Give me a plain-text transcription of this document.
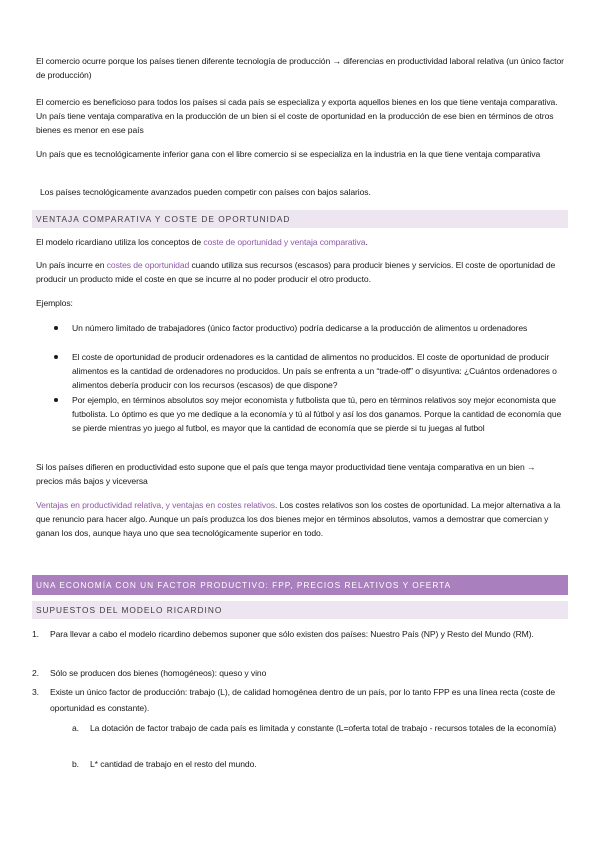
El comercio ocurre porque los países tienen diferente tecnología de producción → diferencias en productividad laboral relativa (un único factor de producción)

El comercio es beneficioso para todos los países si cada país se especializa y exporta aquellos bienes en los que tiene ventaja comparativa. Un país tiene ventaja comparativa en la producción de un bien si el coste de oportunidad en la producción de ese bien en términos de otros bienes es menor en ese país

Un país que es tecnológicamente inferior gana con el libre comercio si se especializa en la industria en la que tiene ventaja comparativa

Los países tecnológicamente avanzados pueden competir con países con bajos salarios.

VENTAJA COMPARATIVA Y COSTE DE OPORTUNIDAD

El modelo ricardiano utiliza los conceptos de coste de oportunidad y ventaja comparativa.

Un país incurre en costes de oportunidad cuando utiliza sus recursos (escasos) para producir bienes y servicios. El coste de oportunidad de producir un producto mide el coste en que se incurre al no poder producir el otro producto.

Ejemplos:

Un número limitado de trabajadores (único factor productivo) podría dedicarse a la producción de alimentos u ordenadores

El coste de oportunidad de producir ordenadores es la cantidad de alimentos no producidos. El coste de oportunidad de producir alimentos es la cantidad de ordenadores no producidos. Un país se enfrenta a un “trade-off” o disyuntiva: ¿Cuántos ordenadores o alimentos debería producir con los recursos (escasos) de que dispone?

Por ejemplo, en términos absolutos soy mejor economista y futbolista que tú, pero en términos relativos soy mejor economista que futbolista. Lo óptimo es que yo me dedique a la economía y tú al fútbol y así los dos ganamos. Porque la cantidad de economía que se pierde mientras yo juego al futbol, es mayor que la cantidad de economía que se pierde si tu juegas al futbol

Si los países difieren en productividad esto supone que el país que tenga mayor productividad tiene ventaja comparativa en un bien → precios más bajos y viceversa

Ventajas en productividad relativa, y ventajas en costes relativos. Los costes relativos son los costes de oportunidad. La mejor alternativa a la que renuncio para hacer algo. Aunque un país produzca los dos bienes mejor en términos absolutos, vamos a demostrar que comercian y ganan los dos, aunque haya uno que sea tecnológicamente superior en todo.

UNA ECONOMÍA CON UN FACTOR PRODUCTIVO: FPP, PRECIOS RELATIVOS Y OFERTA
SUPUESTOS DEL MODELO RICARDINO
1. Para llevar a cabo el modelo ricardino debemos suponer que sólo existen dos países: Nuestro País (NP) y Resto del Mundo (RM).
2. Sólo se producen dos bienes (homogéneos): queso y vino
3. Existe un único factor de producción: trabajo (L), de calidad homogénea dentro de un país, por lo tanto FPP es una línea recta (coste de oportunidad es constante).
a. La dotación de factor trabajo de cada país es limitada y constante (L=oferta total de trabajo - recursos totales de la economía)
b. L* cantidad de trabajo en el resto del mundo.
